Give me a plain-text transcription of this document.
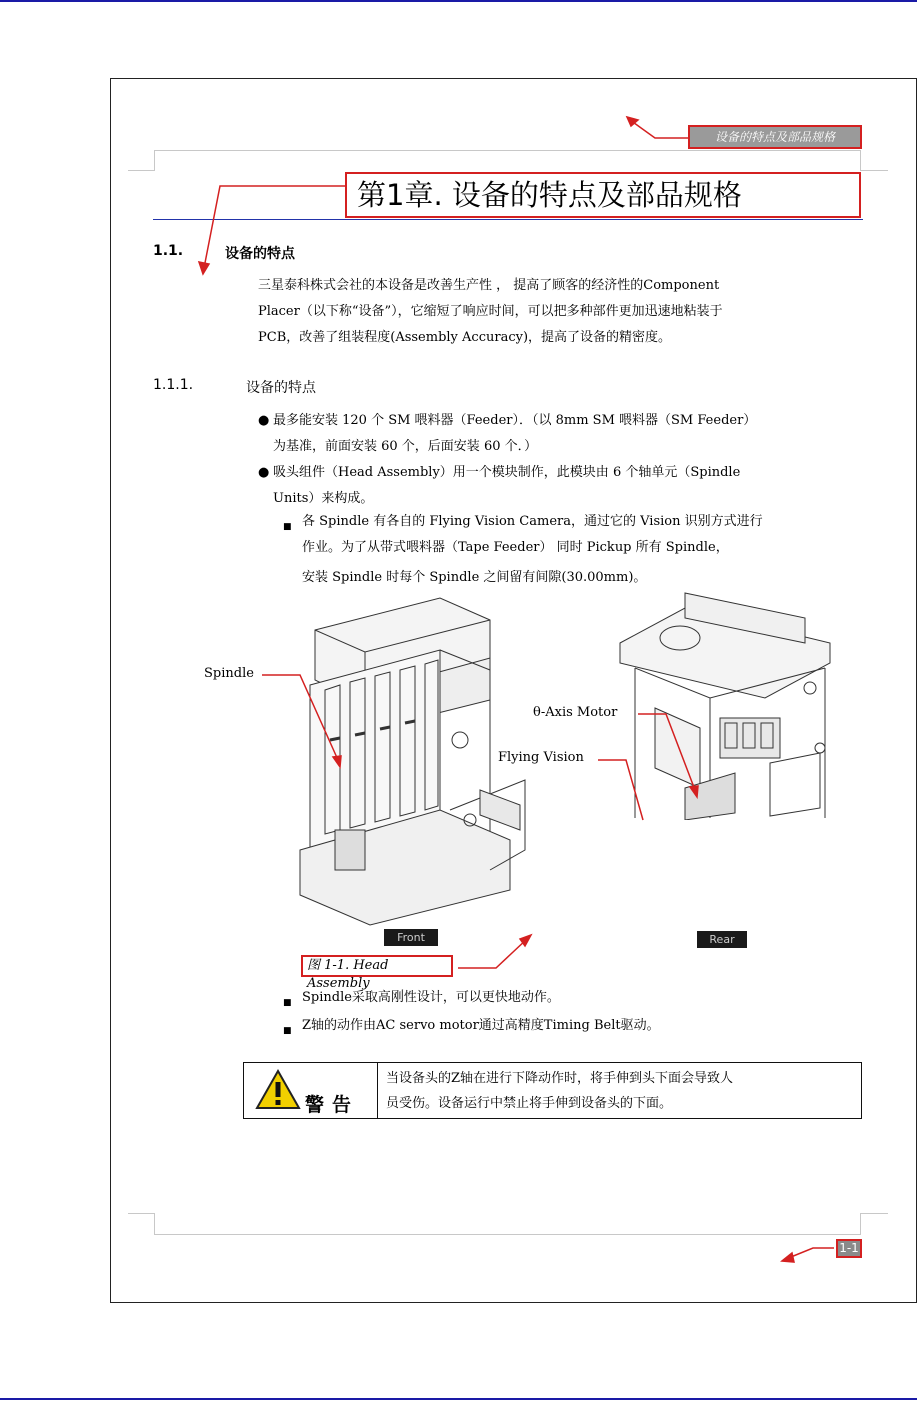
设备的特点及部品规格
第1章. 设备的特点及部品规格
1.1.	设备的特点
三星泰科株式会社的本设备是改善生产性 ， 提高了顾客的经济性的Component
Placer（以下称“设备”），它缩短了响应时间，可以把多种部件更加迅速地粘装于
PCB，改善了组装程度(Assembly Accuracy)，提高了设备的精密度。
1.1.1.	设备的特点
● 最多能安装 120 个 SM 喂料器（Feeder）．（以 8mm SM 喂料器（SM Feeder）
为基准，前面安装 60 个，后面安装 60 个．）
● 吸头组件（Head Assembly）用一个模块制作，此模块由 6 个轴单元（Spindle
Units）来构成。
■ 各 Spindle 有各自的 Flying Vision Camera，通过它的 Vision 识别方式进行
作业。为了从带式喂料器（Tape Feeder） 同时 Pickup 所有 Spindle，
安装 Spindle 时每个 Spindle 之间留有间隙(30.00mm)。
Spindle
θ-Axis Motor
Flying Vision
Front	Rear
图 1-1. Head Assembly
■ Spindle采取高刚性设计，可以更快地动作。
■ Z轴的动作由AC servo motor通过高精度Timing Belt驱动。
警告
当设备头的Z轴在进行下降动作时，将手伸到头下面会导致人
员受伤。设备运行中禁止将手伸到设备头的下面。
1-1
